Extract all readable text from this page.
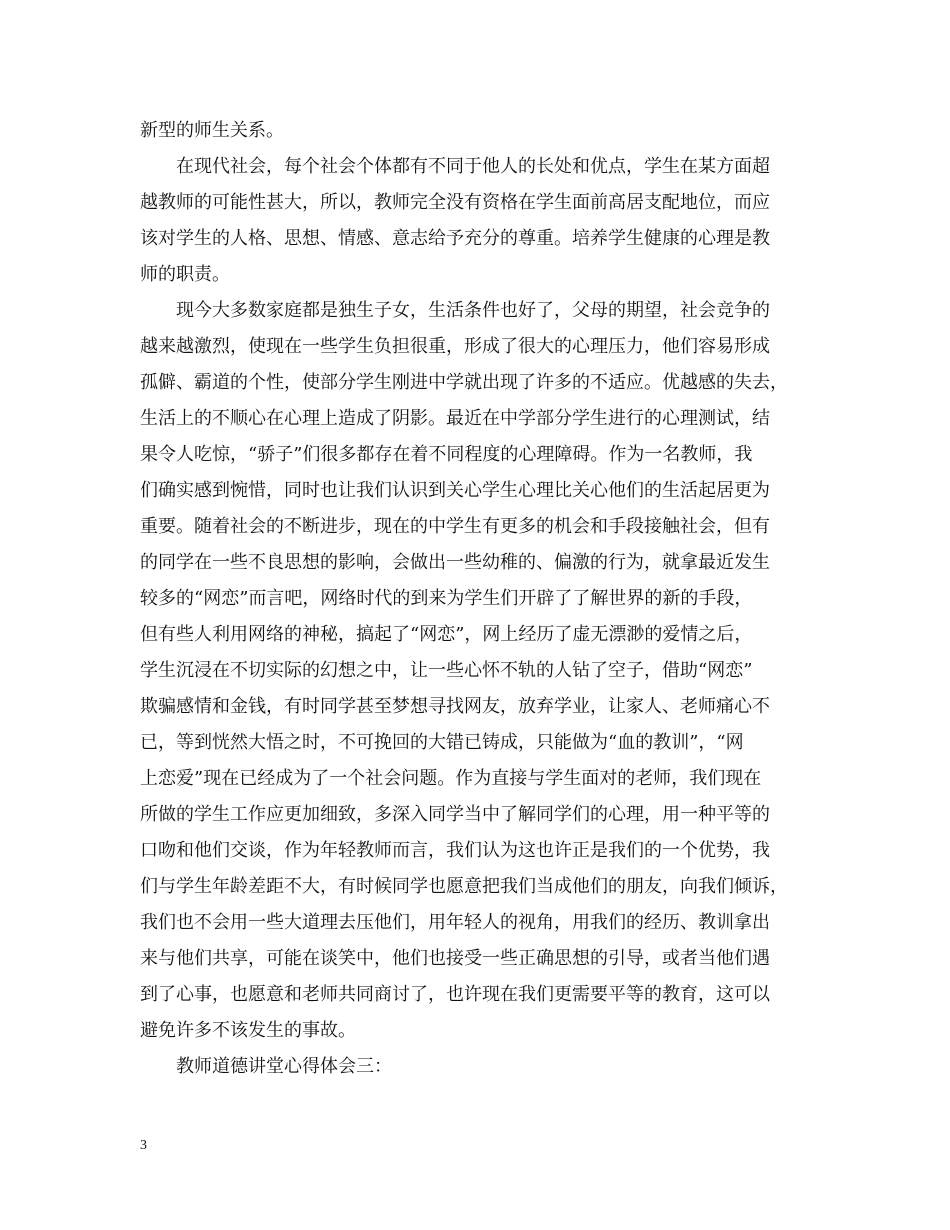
新型的师生关系。
在现代社会，每个社会个体都有不同于他人的长处和优点，学生在某方面超
越教师的可能性甚大，所以，教师完全没有资格在学生面前高居支配地位，而应
该对学生的人格、思想、情感、意志给予充分的尊重。培养学生健康的心理是教
师的职责。
现今大多数家庭都是独生子女，生活条件也好了，父母的期望，社会竞争的
越来越激烈，使现在一些学生负担很重，形成了很大的心理压力，他们容易形成
孤僻、霸道的个性，使部分学生刚进中学就出现了许多的不适应。优越感的失去，
生活上的不顺心在心理上造成了阴影。最近在中学部分学生进行的心理测试，结
果令人吃惊，“骄子”们很多都存在着不同程度的心理障碍。作为一名教师，我
们确实感到惋惜，同时也让我们认识到关心学生心理比关心他们的生活起居更为
重要。随着社会的不断进步，现在的中学生有更多的机会和手段接触社会，但有
的同学在一些不良思想的影响，会做出一些幼稚的、偏激的行为，就拿最近发生
较多的“网恋”而言吧，网络时代的到来为学生们开辟了了解世界的新的手段，
但有些人利用网络的神秘，搞起了“网恋”，网上经历了虚无漂渺的爱情之后，
学生沉浸在不切实际的幻想之中，让一些心怀不轨的人钻了空子，借助“网恋”
欺骗感情和金钱，有时同学甚至梦想寻找网友，放弃学业，让家人、老师痛心不
已，等到恍然大悟之时，不可挽回的大错已铸成，只能做为“血的教训”，“网
上恋爱”现在已经成为了一个社会问题。作为直接与学生面对的老师，我们现在
所做的学生工作应更加细致，多深入同学当中了解同学们的心理，用一种平等的
口吻和他们交谈，作为年轻教师而言，我们认为这也许正是我们的一个优势，我
们与学生年龄差距不大，有时候同学也愿意把我们当成他们的朋友，向我们倾诉，
我们也不会用一些大道理去压他们，用年轻人的视角，用我们的经历、教训拿出
来与他们共享，可能在谈笑中，他们也接受一些正确思想的引导，或者当他们遇
到了心事，也愿意和老师共同商讨了，也许现在我们更需要平等的教育，这可以
避免许多不该发生的事故。
教师道德讲堂心得体会三：
3
